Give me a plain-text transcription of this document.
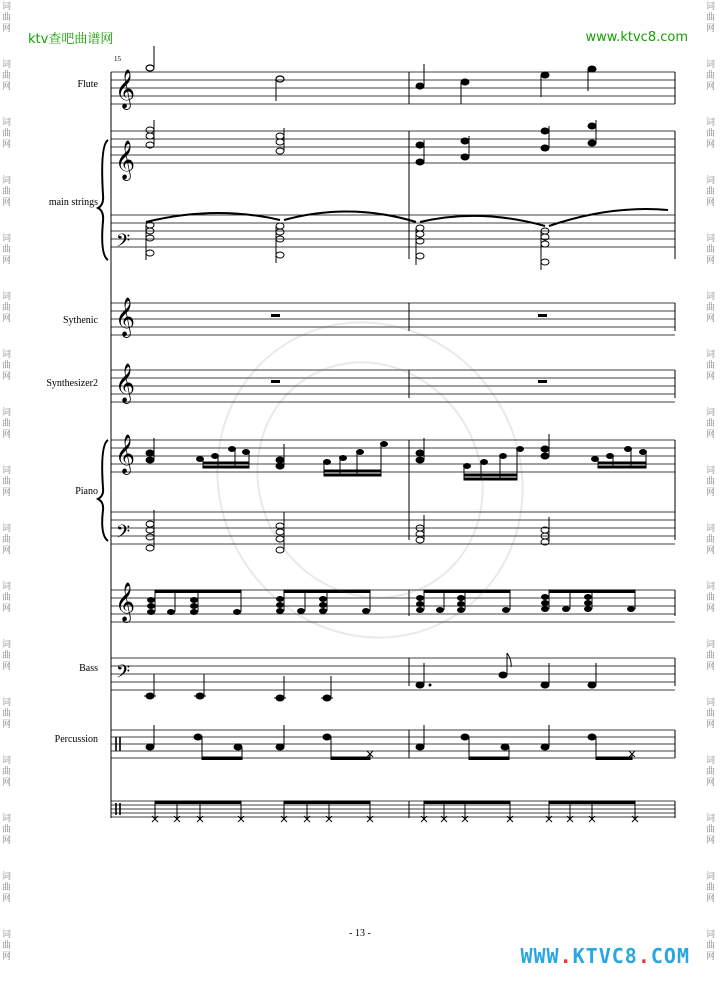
词
曲
网
词
曲
网
词
曲
网
词
曲
网
词
曲
网
词
曲
网
词
曲
网
词
曲
网
词
曲
网
词
曲
网
词
曲
网
词
曲
网
词
曲
网
词
曲
网
词
曲
网
词
曲
网
词
曲
网
词
曲
网
词
曲
网
词
曲
网
词
曲
网
词
曲
网
词
曲
网
词
曲
网
词
曲
网
词
曲
网
词
曲
网
词
曲
网
词
曲
网
词
曲
网
词
曲
网
词
曲
网
词
曲
网
词
曲
网
ktv查吧曲谱网	www.ktvc8.com
15
Flute
main strings
Sythenic
Synthesizer2
Piano
Bass
Percussion
𝄞
𝄞
𝄢
𝄞
𝄞
𝄞
𝄢
𝄞
𝄢
- 13 -
WWW.KTVC8.COM
